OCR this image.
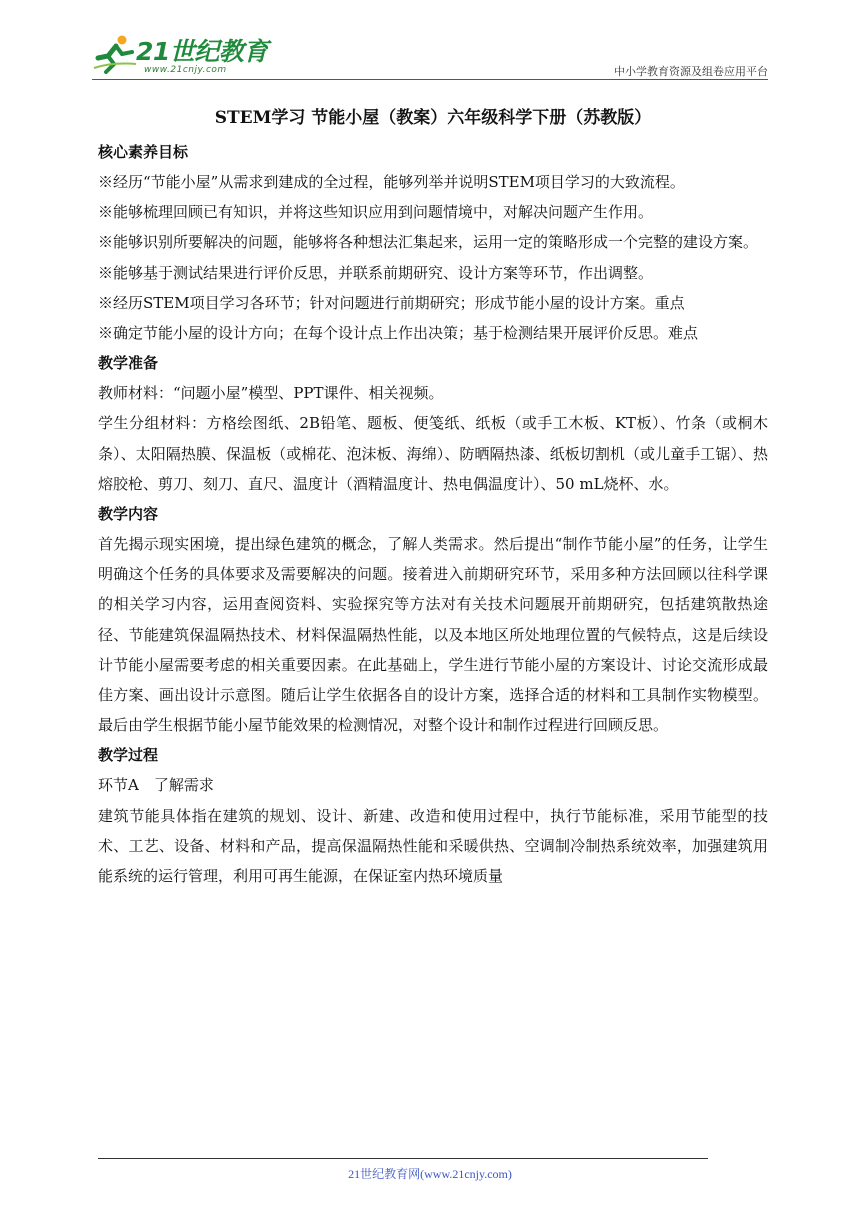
21世纪教育
www.21cnjy.com	中小学教育资源及组卷应用平台
STEM学习 节能小屋（教案）六年级科学下册（苏教版）
核心素养目标

※经历“节能小屋”从需求到建成的全过程，能够列举并说明STEM项目学习的大致流程。

※能够梳理回顾已有知识，并将这些知识应用到问题情境中，对解决问题产生作用。

※能够识别所要解决的问题，能够将各种想法汇集起来，运用一定的策略形成一个完整的建设方案。

※能够基于测试结果进行评价反思，并联系前期研究、设计方案等环节，作出调整。

※经历STEM项目学习各环节；针对问题进行前期研究；形成节能小屋的设计方案。重点

※确定节能小屋的设计方向；在每个设计点上作出决策；基于检测结果开展评价反思。难点

教学准备

教师材料：“问题小屋”模型、PPT课件、相关视频。

学生分组材料：方格绘图纸、2B铅笔、题板、便笺纸、纸板（或手工木板、KT板）、竹条（或桐木条）、太阳隔热膜、保温板（或棉花、泡沫板、海绵）、防晒隔热漆、纸板切割机（或儿童手工锯）、热熔胶枪、剪刀、刻刀、直尺、温度计（酒精温度计、热电偶温度计）、50 mL烧杯、水。

教学内容

首先揭示现实困境，提出绿色建筑的概念，了解人类需求。然后提出“制作节能小屋”的任务，让学生明确这个任务的具体要求及需要解决的问题。接着进入前期研究环节，采用多种方法回顾以往科学课的相关学习内容，运用查阅资料、实验探究等方法对有关技术问题展开前期研究，包括建筑散热途径、节能建筑保温隔热技术、材料保温隔热性能，以及本地区所处地理位置的气候特点，这是后续设计节能小屋需要考虑的相关重要因素。在此基础上，学生进行节能小屋的方案设计、讨论交流形成最佳方案、画出设计示意图。随后让学生依据各自的设计方案，选择合适的材料和工具制作实物模型。最后由学生根据节能小屋节能效果的检测情况，对整个设计和制作过程进行回顾反思。

教学过程

环节A　了解需求

建筑节能具体指在建筑的规划、设计、新建、改造和使用过程中，执行节能标准，采用节能型的技术、工艺、设备、材料和产品，提高保温隔热性能和采暖供热、空调制冷制热系统效率，加强建筑用能系统的运行管理，利用可再生能源，在保证室内热环境质量

21世纪教育网(www.21cnjy.com)
